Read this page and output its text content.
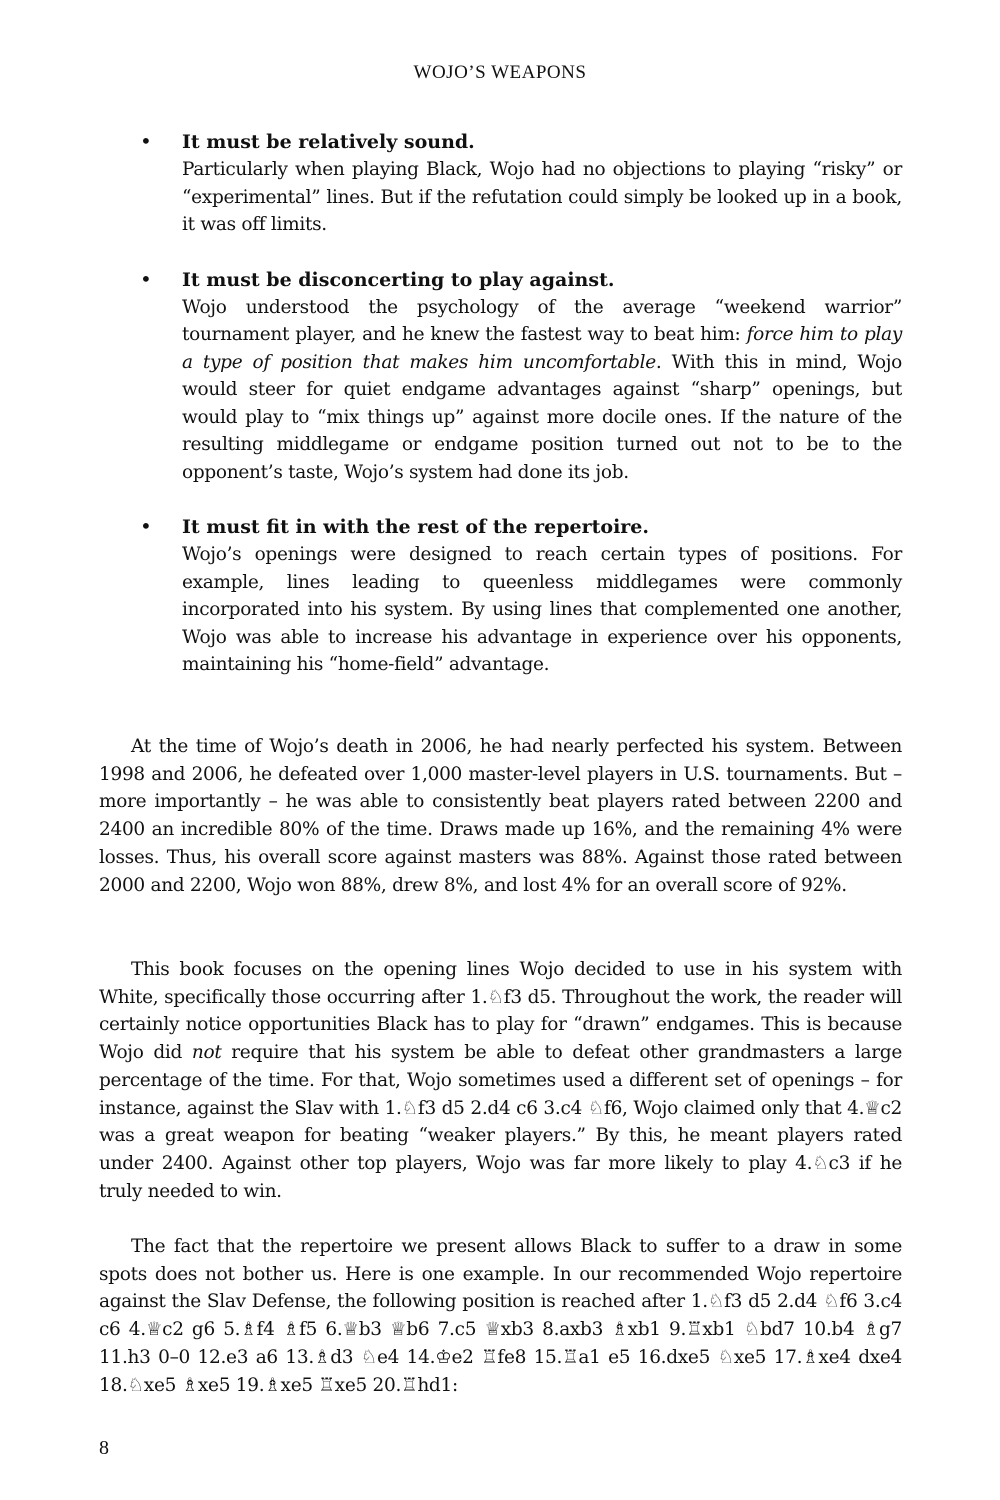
WOJO’S WEAPONS
• It must be relatively sound.
Particularly when playing Black, Wojo had no objections to playing “risky” or “experimental” lines. But if the refutation could simply be looked up in a book, it was off limits.
• It must be disconcerting to play against.
Wojo understood the psychology of the average “weekend warrior” tournament player, and he knew the fastest way to beat him: force him to play a type of position that makes him uncomfortable. With this in mind, Wojo would steer for quiet endgame advantages against “sharp” openings, but would play to “mix things up” against more docile ones. If the nature of the resulting middlegame or endgame position turned out not to be to the opponent’s taste, Wojo’s system had done its job.
• It must fit in with the rest of the repertoire.
Wojo’s openings were designed to reach certain types of positions. For example, lines leading to queenless middlegames were commonly incorporated into his system. By using lines that complemented one another, Wojo was able to increase his advantage in experience over his opponents, maintaining his “home-field” advantage.

At the time of Wojo’s death in 2006, he had nearly perfected his system. Between 1998 and 2006, he defeated over 1,000 master-level players in U.S. tournaments. But – more importantly – he was able to consistently beat players rated between 2200 and 2400 an incredible 80% of the time. Draws made up 16%, and the remaining 4% were losses. Thus, his overall score against masters was 88%. Against those rated between 2000 and 2200, Wojo won 88%, drew 8%, and lost 4% for an overall score of 92%.

This book focuses on the opening lines Wojo decided to use in his system with White, specifically those occurring after 1.♘f3 d5. Throughout the work, the reader will certainly notice opportunities Black has to play for “drawn” endgames. This is because Wojo did not require that his system be able to defeat other grandmasters a large percentage of the time. For that, Wojo sometimes used a different set of openings – for instance, against the Slav with 1.♘f3 d5 2.d4 c6 3.c4 ♘f6, Wojo claimed only that 4.♕c2 was a great weapon for beating “weaker players.” By this, he meant players rated under 2400. Against other top players, Wojo was far more likely to play 4.♘c3 if he truly needed to win.

The fact that the repertoire we present allows Black to suffer to a draw in some spots does not bother us. Here is one example. In our recommended Wojo repertoire against the Slav Defense, the following position is reached after 1.♘f3 d5 2.d4 ♘f6 3.c4 c6 4.♕c2 g6 5.♗f4 ♗f5 6.♕b3 ♕b6 7.c5 ♕xb3 8.axb3 ♗xb1 9.♖xb1 ♘bd7 10.b4 ♗g7 11.h3 0–0 12.e3 a6 13.♗d3 ♘e4 14.♔e2 ♖fe8 15.♖a1 e5 16.dxe5 ♘xe5 17.♗xe4 dxe4 18.♘xe5 ♗xe5 19.♗xe5 ♖xe5 20.♖hd1:

8
